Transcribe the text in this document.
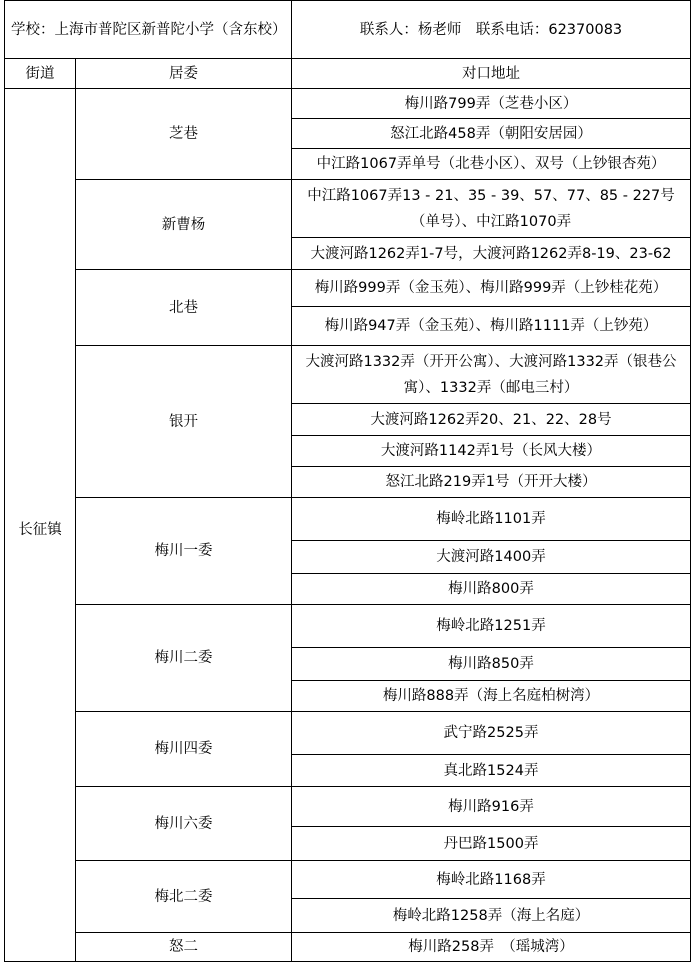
学校：上海市普陀区新普陀小学（含东校）		联系人：杨老师　联系电话：62370083
街道	居委	对口地址
长征镇	芝巷	梅川路799弄（芝巷小区）
		怒江北路458弄（朝阳安居园）
		中江路1067弄单号（北巷小区）、双号（上钞银杏苑）
	新曹杨	中江路1067弄13 - 21、35 - 39、57、77、85 - 227号（单号）、中江路1070弄
		大渡河路1262弄1-7号，大渡河路1262弄8-19、23-62
	北巷	梅川路999弄（金玉苑）、梅川路999弄（上钞桂花苑）
		梅川路947弄（金玉苑）、梅川路1111弄（上钞苑）
	银开	大渡河路1332弄（开开公寓）、大渡河路1332弄（银巷公寓）、1332弄（邮电三村）
		大渡河路1262弄20、21、22、28号
		大渡河路1142弄1号（长风大楼）
		怒江北路219弄1号（开开大楼）
	梅川一委	梅岭北路1101弄
		大渡河路1400弄
		梅川路800弄
	梅川二委	梅岭北路1251弄
		梅川路850弄
		梅川路888弄（海上名庭柏树湾）
	梅川四委	武宁路2525弄
		真北路1524弄
	梅川六委	梅川路916弄
		丹巴路1500弄
	梅北二委	梅岭北路1168弄
		梅岭北路1258弄（海上名庭）
	怒二	梅川路258弄　（瑶城湾）
